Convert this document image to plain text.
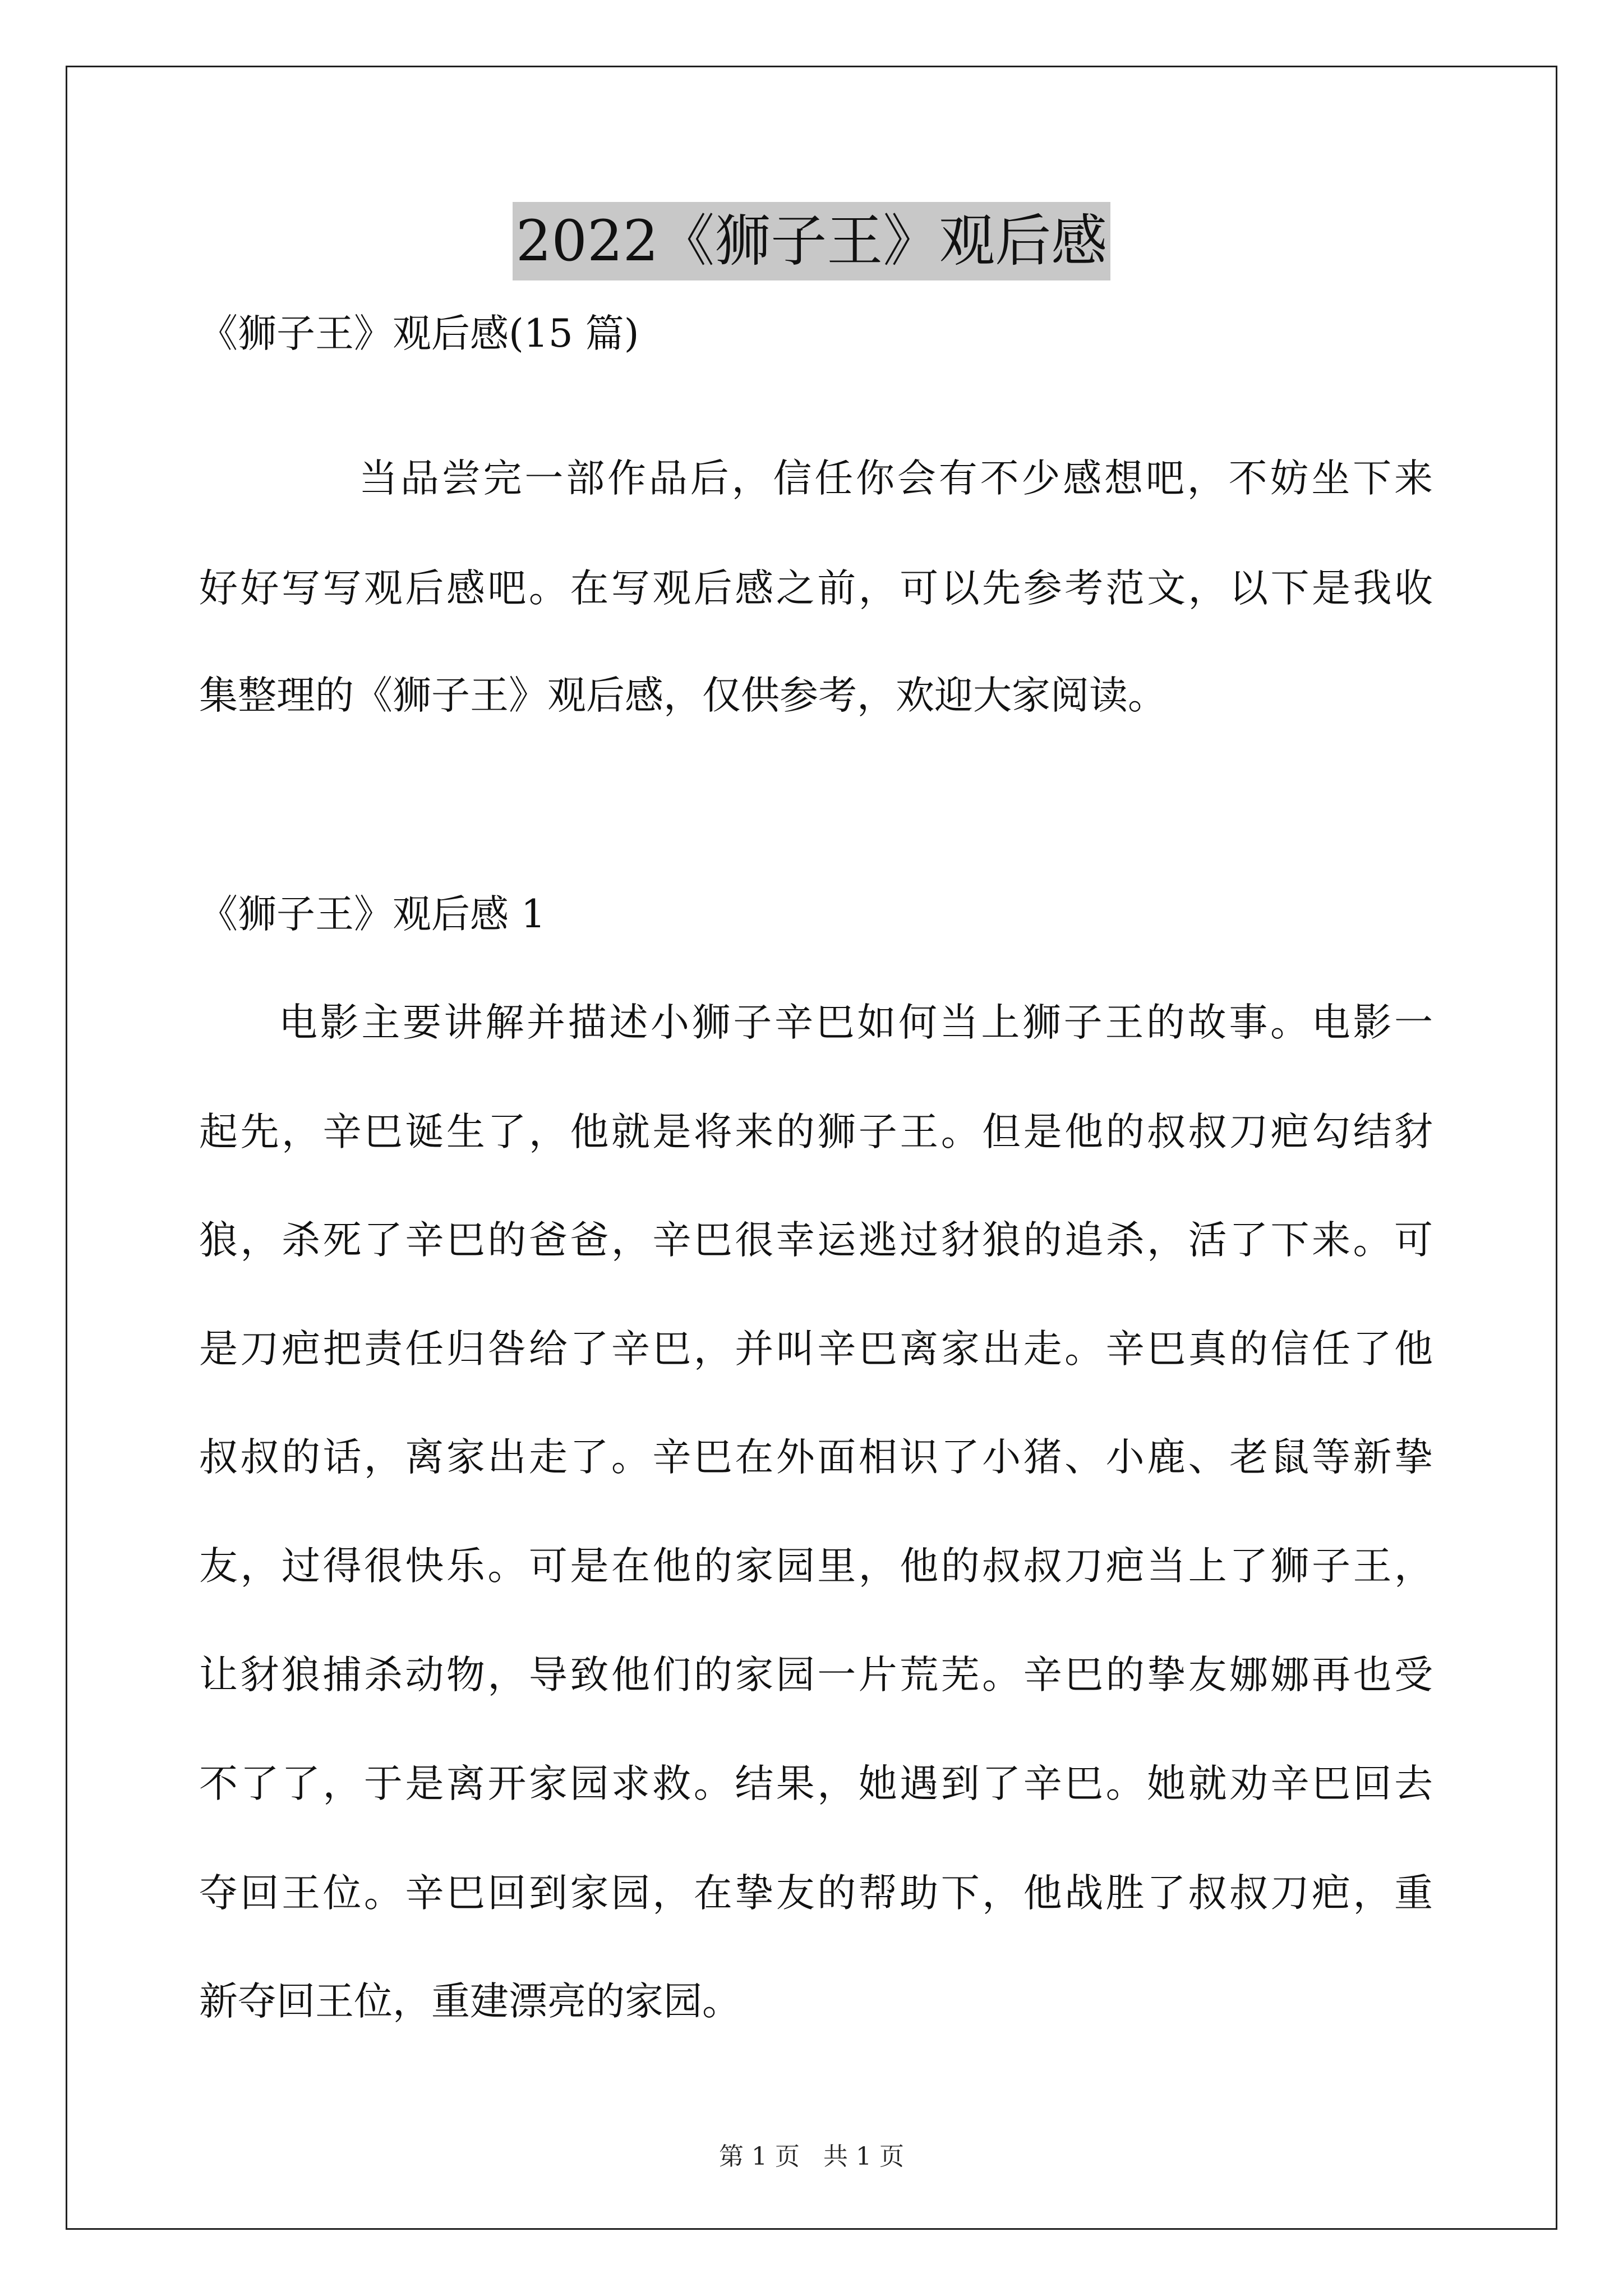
2022《狮子王》观后感
《狮子王》观后感(15 篇)
当品尝完一部作品后，信任你会有不少感想吧，不妨坐下来
好好写写观后感吧。在写观后感之前，可以先参考范文，以下是我收
集整理的《狮子王》观后感，仅供参考，欢迎大家阅读。
《狮子王》观后感 1
电影主要讲解并描述小狮子辛巴如何当上狮子王的故事。电影一
起先，辛巴诞生了，他就是将来的狮子王。但是他的叔叔刀疤勾结豺
狼，杀死了辛巴的爸爸，辛巴很幸运逃过豺狼的追杀，活了下来。可
是刀疤把责任归咎给了辛巴，并叫辛巴离家出走。辛巴真的信任了他
叔叔的话，离家出走了。辛巴在外面相识了小猪、小鹿、老鼠等新挚
友，过得很快乐。可是在他的家园里，他的叔叔刀疤当上了狮子王，
让豺狼捕杀动物，导致他们的家园一片荒芜。辛巴的挚友娜娜再也受
不了了，于是离开家园求救。结果，她遇到了辛巴。她就劝辛巴回去
夺回王位。辛巴回到家园，在挚友的帮助下，他战胜了叔叔刀疤，重
新夺回王位，重建漂亮的家园。
第 1 页 共 1 页
